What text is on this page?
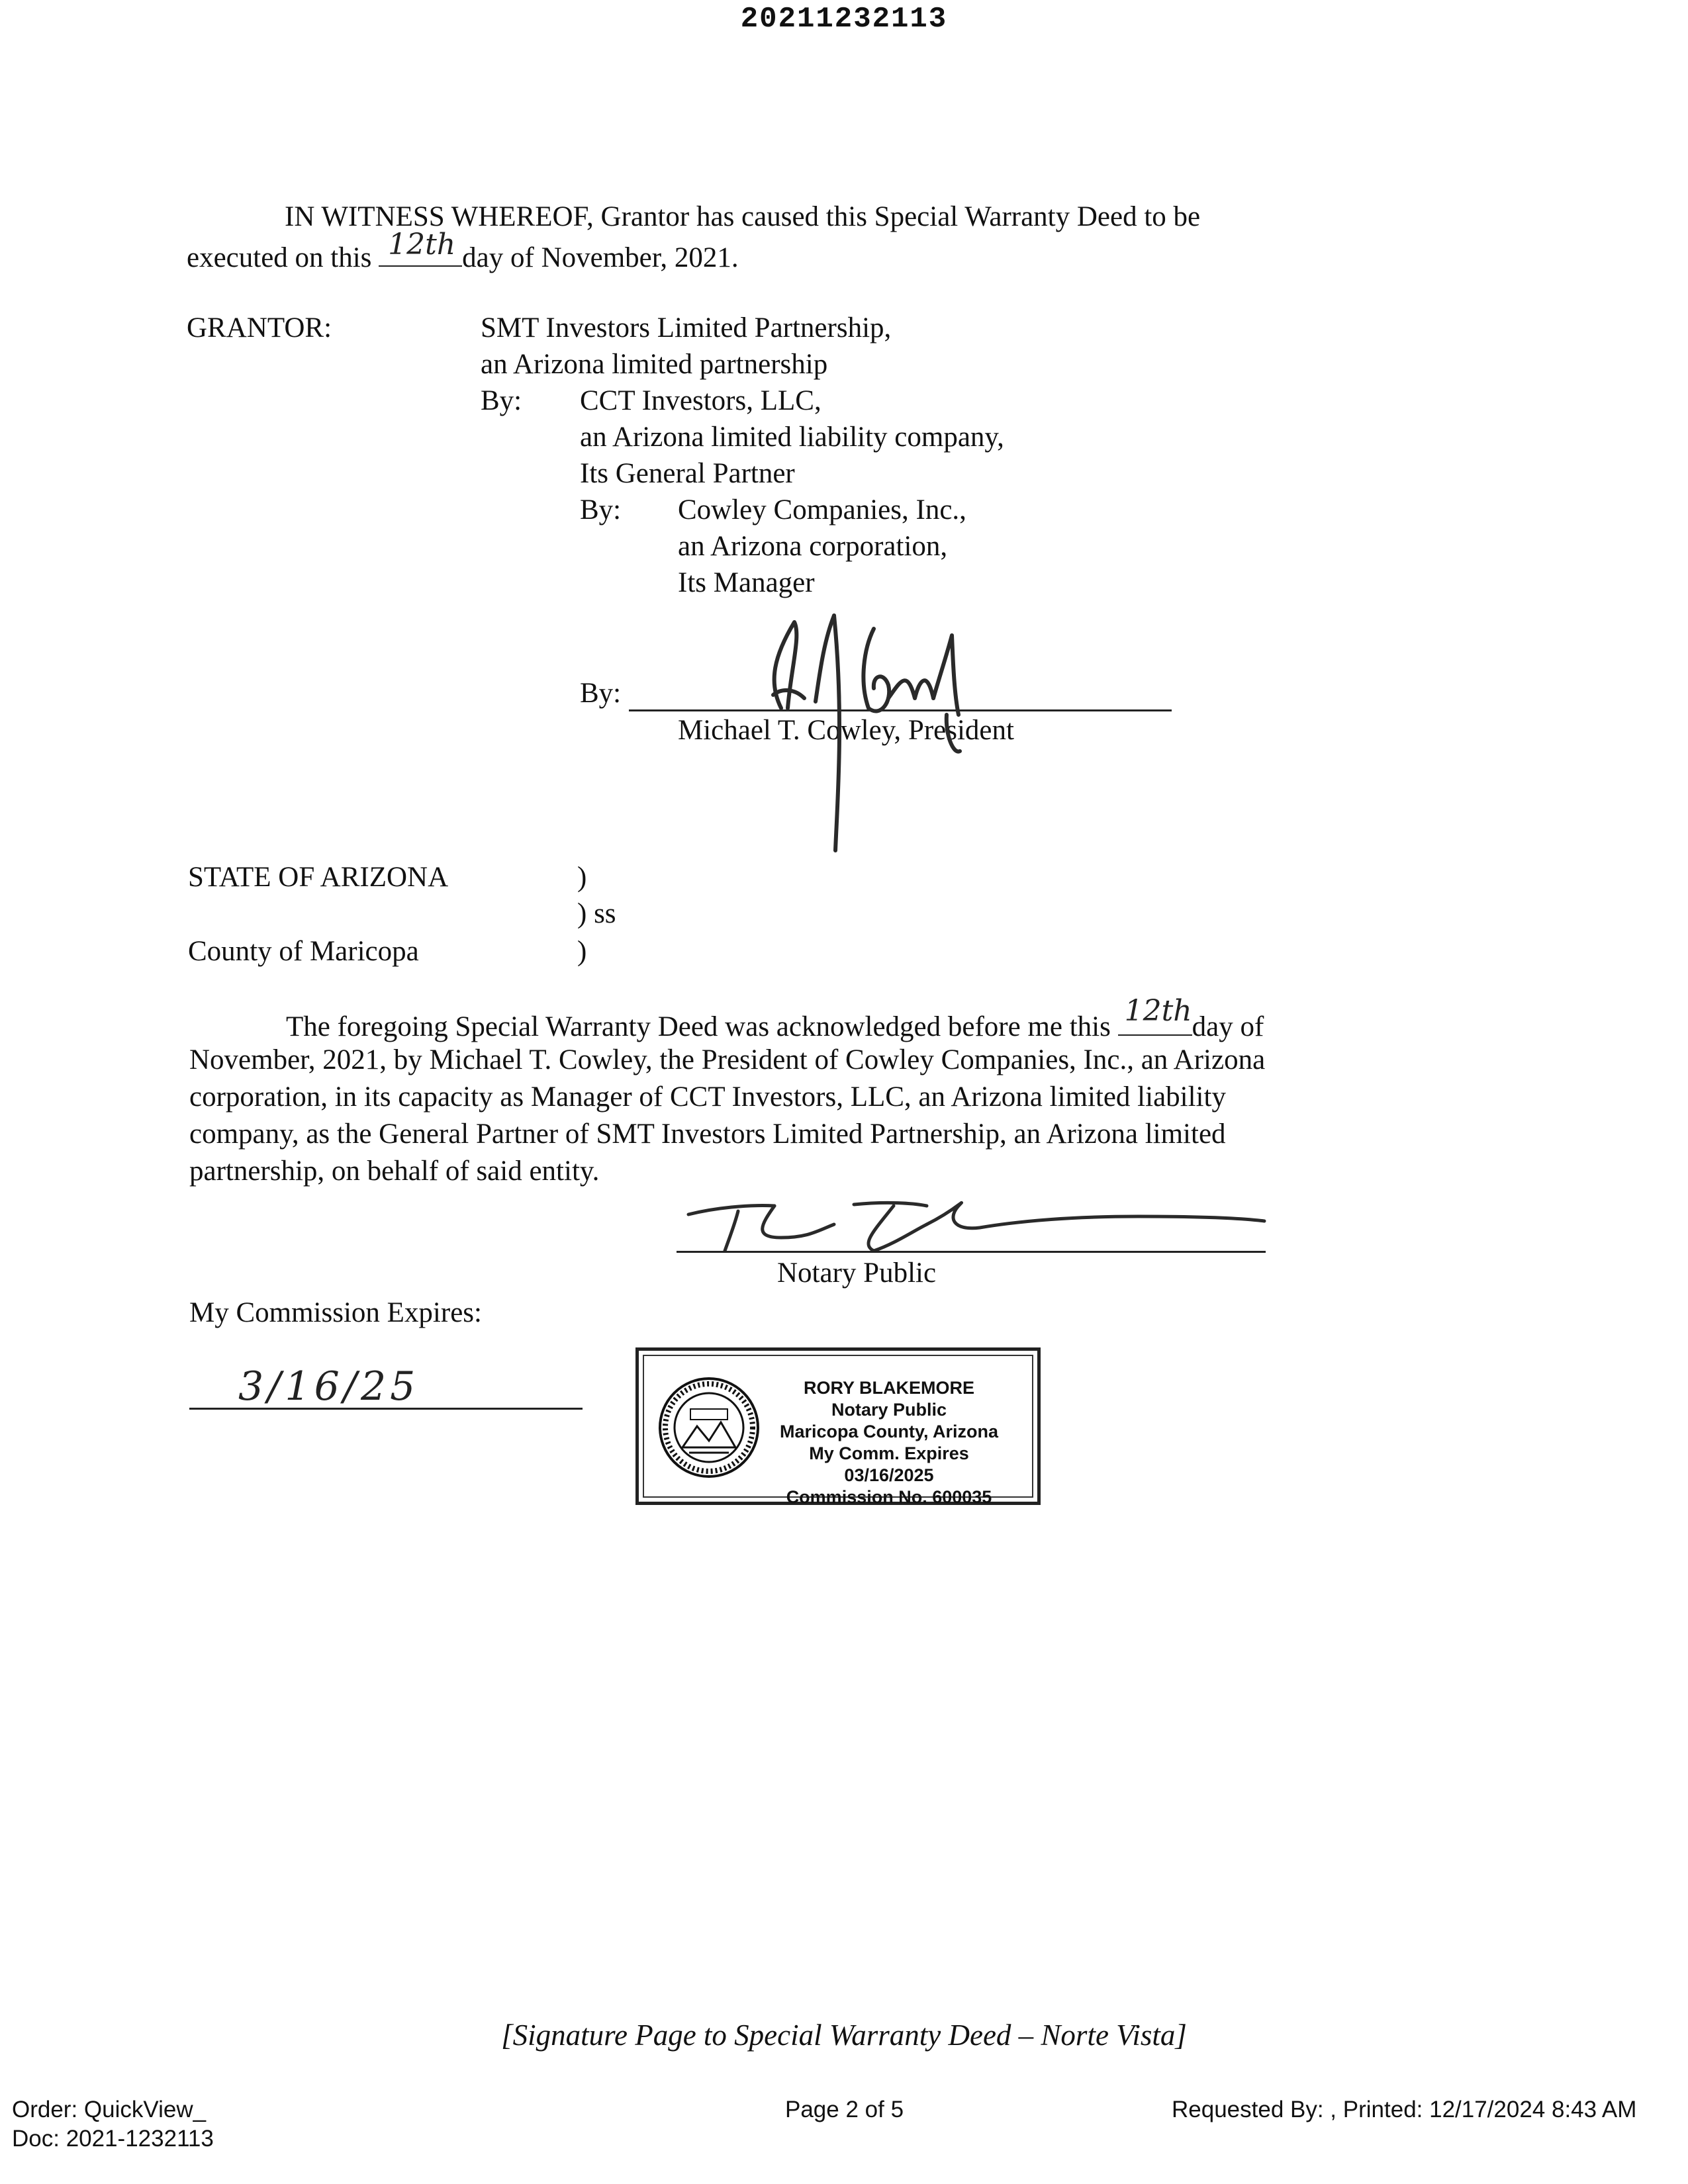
20211232113
IN WITNESS WHEREOF, Grantor has caused this Special Warranty Deed to be
executed on this 12th day of November, 2021.
GRANTOR:	SMT Investors Limited Partnership,
an Arizona limited partnership
By: CCT Investors, LLC,
an Arizona limited liability company,
Its General Partner
By: Cowley Companies, Inc.,
an Arizona corporation,
Its Manager
By:
Michael T. Cowley, President
STATE OF ARIZONA	)
) ss
County of Maricopa	)
The foregoing Special Warranty Deed was acknowledged before me this 12th day of
November, 2021, by Michael T. Cowley, the President of Cowley Companies, Inc., an Arizona
corporation, in its capacity as Manager of CCT Investors, LLC, an Arizona limited liability
company, as the General Partner of SMT Investors Limited Partnership, an Arizona limited
partnership, on behalf of said entity.
Notary Public
My Commission Expires:
3/16/25	RORY BLAKEMORE
Notary Public
Maricopa County, Arizona
My Comm. Expires 03/16/2025
Commission No. 600035
[Signature Page to Special Warranty Deed – Norte Vista]
Order: QuickView_
Doc: 2021-1232113
Page 2 of 5	Requested By: , Printed: 12/17/2024 8:43 AM
